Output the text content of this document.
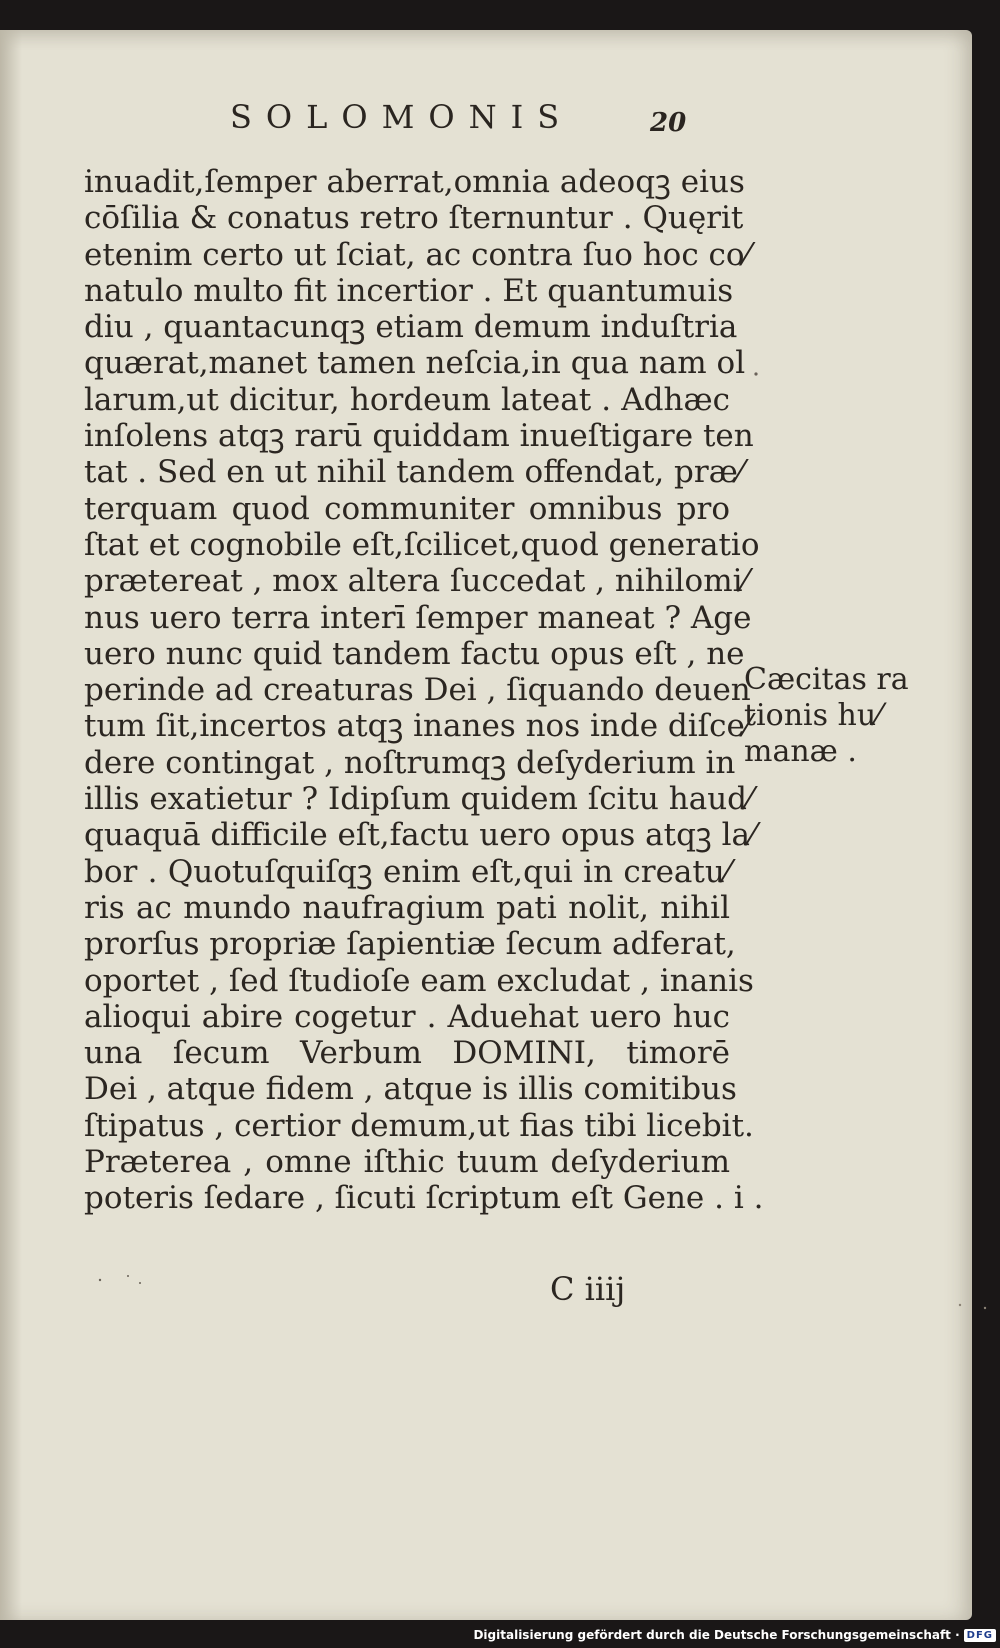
SOLOMONIS	20
inuadit,ſemper aberrat,omnia adeoqꝫ eius
cōſilia & conatus retro ſternuntur . Quęrit
etenim certo ut ſciat, ac contra ſuo hoc co⁄
natulo multo fit incertior . Et quantumuis
diu , quantacunqꝫ etiam demum induſtria
quærat,manet tamen neſcia,in qua nam ol
larum,ut dicitur, hordeum lateat . Adhæc
inſolens atqꝫ rarū quiddam inueſtigare ten
tat . Sed en ut nihil tandem offendat, præ⁄
terquam quod communiter omnibus pro
ſtat et cognobile eſt,ſcilicet,quod generatio
prætereat , mox altera ſuccedat , nihilomi⁄
nus uero terra interī ſemper maneat ? Age
uero nunc quid tandem factu opus eſt , ne
perinde ad creaturas Dei , ſiquando deuen
tum ſit,incertos atqꝫ inanes nos inde diſce⁄
dere contingat , noſtrumqꝫ deſyderium in
illis exatietur ? Idipſum quidem ſcitu haud⁄
quaquā difficile eſt,factu uero opus atqꝫ la⁄
bor . Quotuſquiſqꝫ enim eſt,qui in creatu⁄
ris ac mundo naufragium pati nolit, nihil
prorſus propriæ ſapientiæ ſecum adferat,
oportet , ſed ſtudioſe eam excludat , inanis
alioqui abire cogetur . Aduehat uero huc
una ſecum Verbum DOMINI, timorē
Dei , atque fidem , atque is illis comitibus
ſtipatus , certior demum,ut fias tibi licebit.
Præterea , omne iſthic tuum deſyderium
poteris ſedare , ſicuti ſcriptum eſt Gene . i .
Cæcitas ra
tionis hu⁄
manæ .
C iiij
Digitalisierung gefördert durch die Deutsche Forschungsgemeinschaft · DFG
